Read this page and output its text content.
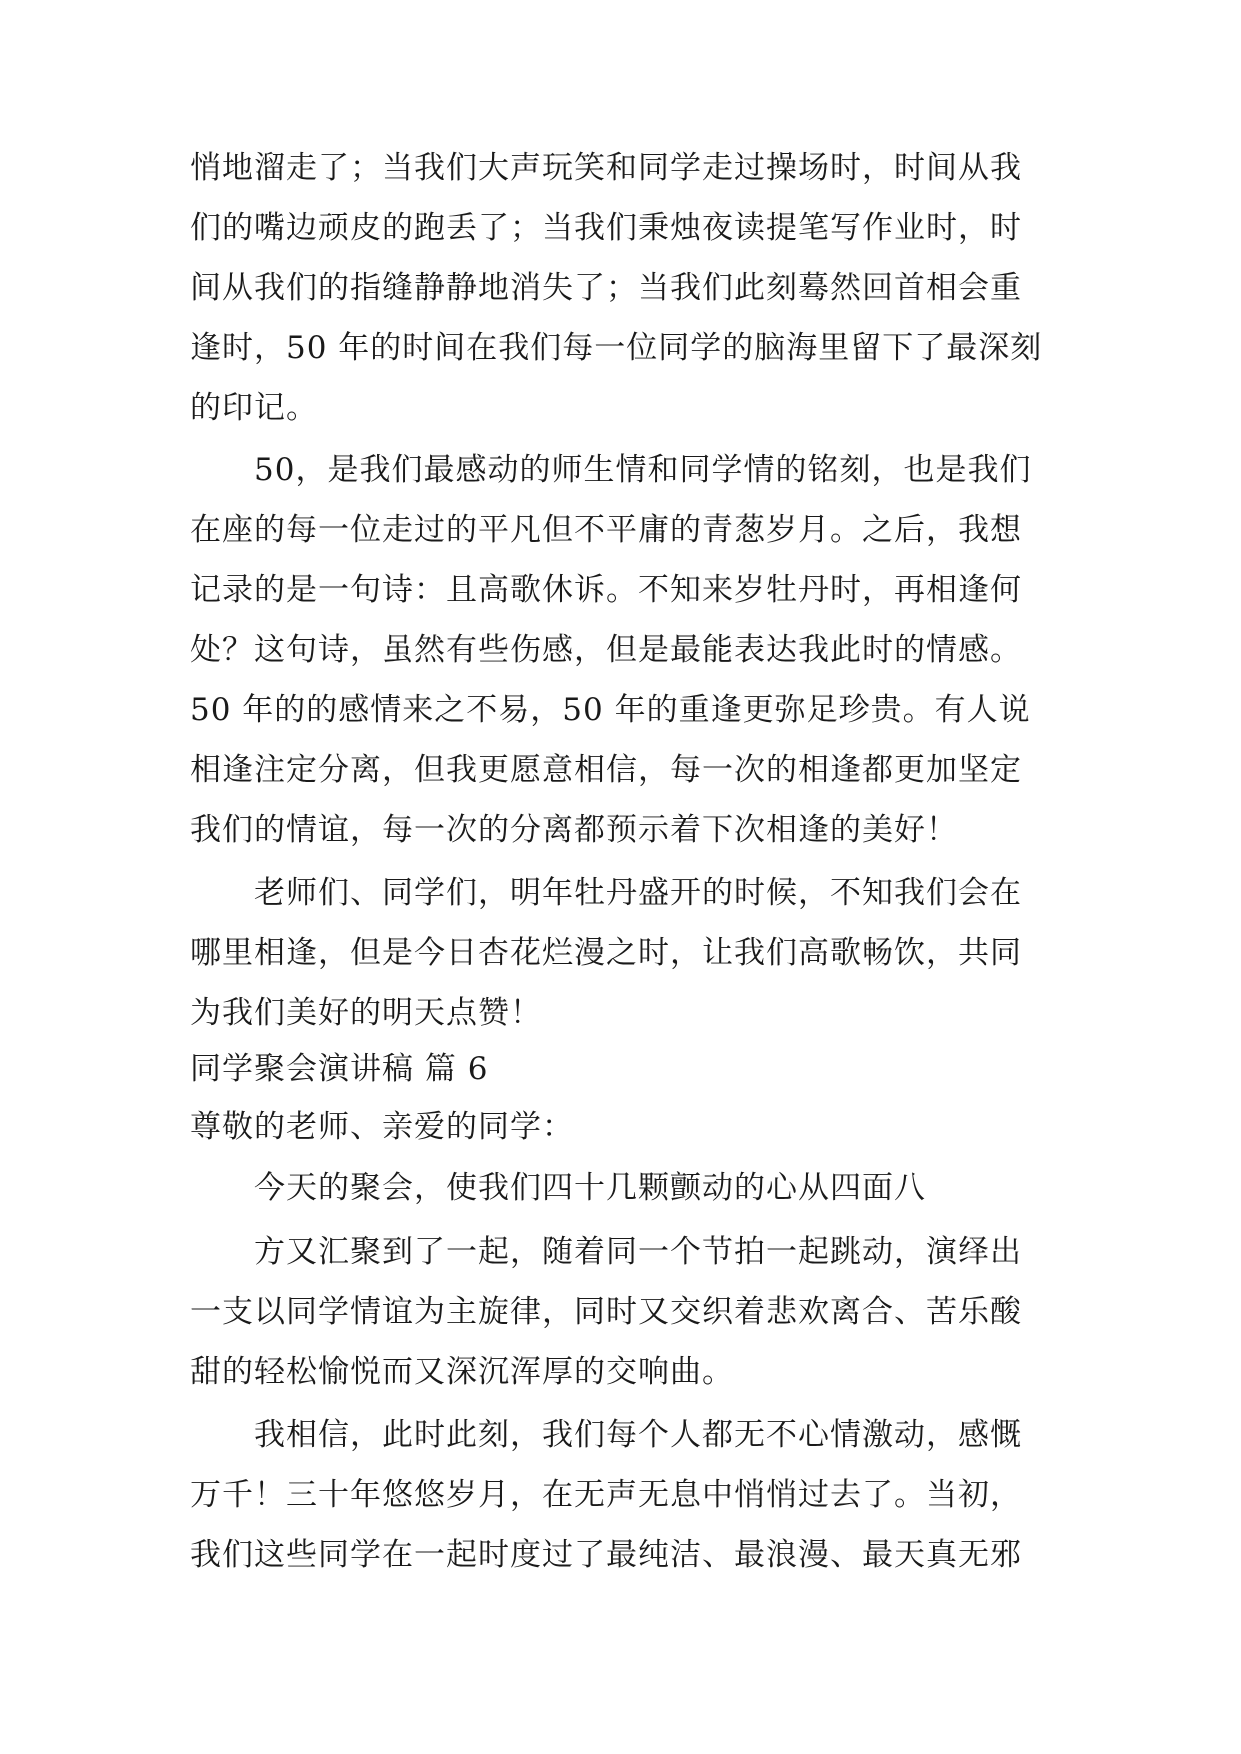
悄地溜走了；当我们大声玩笑和同学走过操场时，时间从我
们的嘴边顽皮的跑丢了；当我们秉烛夜读提笔写作业时，时
间从我们的指缝静静地消失了；当我们此刻蓦然回首相会重
逢时，50 年的时间在我们每一位同学的脑海里留下了最深刻
的印记。
50，是我们最感动的师生情和同学情的铭刻，也是我们
在座的每一位走过的平凡但不平庸的青葱岁月。之后，我想
记录的是一句诗：且高歌休诉。不知来岁牡丹时，再相逢何
处？这句诗，虽然有些伤感，但是最能表达我此时的情感。
50 年的的感情来之不易，50 年的重逢更弥足珍贵。有人说
相逢注定分离，但我更愿意相信，每一次的相逢都更加坚定
我们的情谊，每一次的分离都预示着下次相逢的美好！
老师们、同学们，明年牡丹盛开的时候，不知我们会在
哪里相逢，但是今日杏花烂漫之时，让我们高歌畅饮，共同
为我们美好的明天点赞！
同学聚会演讲稿 篇 6
尊敬的老师、亲爱的同学：
今天的聚会，使我们四十几颗颤动的心从四面八
方又汇聚到了一起，随着同一个节拍一起跳动，演绎出
一支以同学情谊为主旋律，同时又交织着悲欢离合、苦乐酸
甜的轻松愉悦而又深沉浑厚的交响曲。
我相信，此时此刻，我们每个人都无不心情激动，感慨
万千！三十年悠悠岁月，在无声无息中悄悄过去了。当初，
我们这些同学在一起时度过了最纯洁、最浪漫、最天真无邪
